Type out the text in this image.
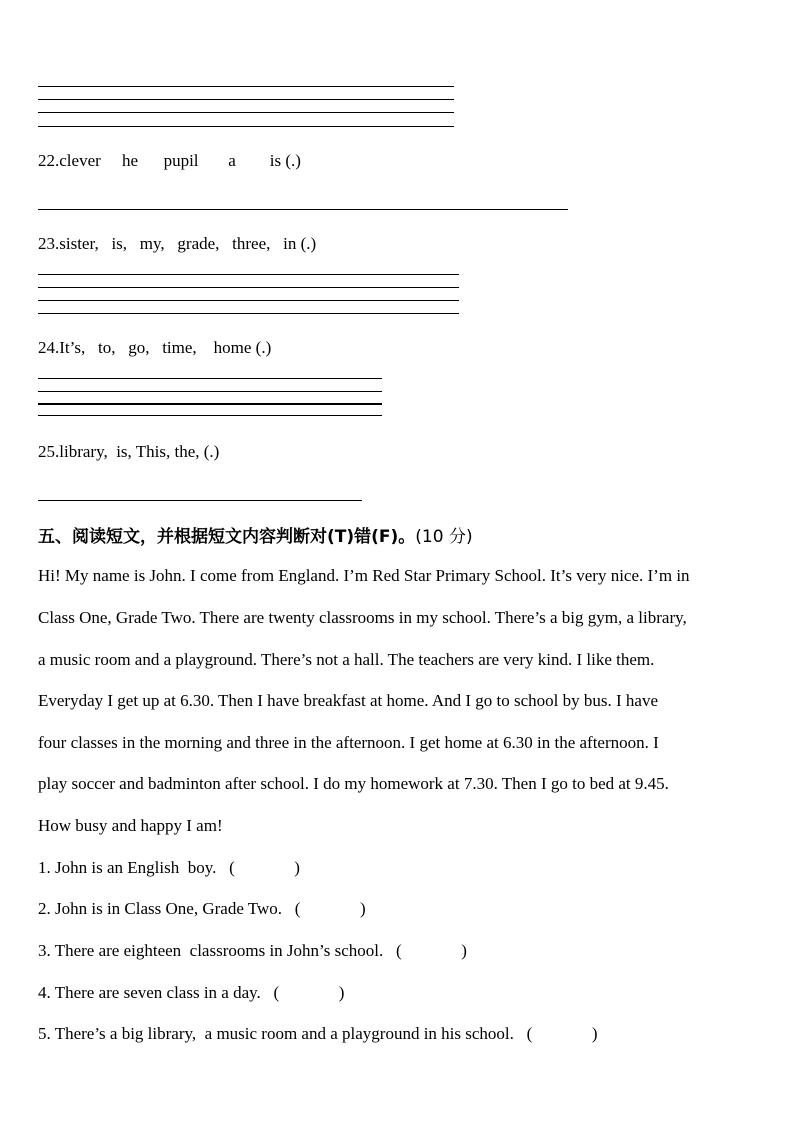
22.clever     he      pupil       a        is (.)
23.sister,   is,   my,   grade,   three,   in (.)
24.It’s,   to,   go,   time,    home (.)
25.library,  is, This, the, (.)
五、阅读短文，并根据短文内容判断对(T)错(F)。(10 分)
Hi! My name is John. I come from England. I’m Red Star Primary School. It’s very nice. I’m in
Class One, Grade Two. There are twenty classrooms in my school. There’s a big gym, a library,
a music room and a playground. There’s not a hall. The teachers are very kind. I like them.
Everyday I get up at 6.30. Then I have breakfast at home. And I go to school by bus. I have
four classes in the morning and three in the afternoon. I get home at 6.30 in the afternoon. I
play soccer and badminton after school. I do my homework at 7.30. Then I go to bed at 9.45.
How busy and happy I am!
1. John is an English  boy. (              )
2. John is in Class One, Grade Two. (              )
3. There are eighteen  classrooms in John’s school. (              )
4. There are seven class in a day. (              )
5. There’s a big library,  a music room and a playground in his school. (              )
